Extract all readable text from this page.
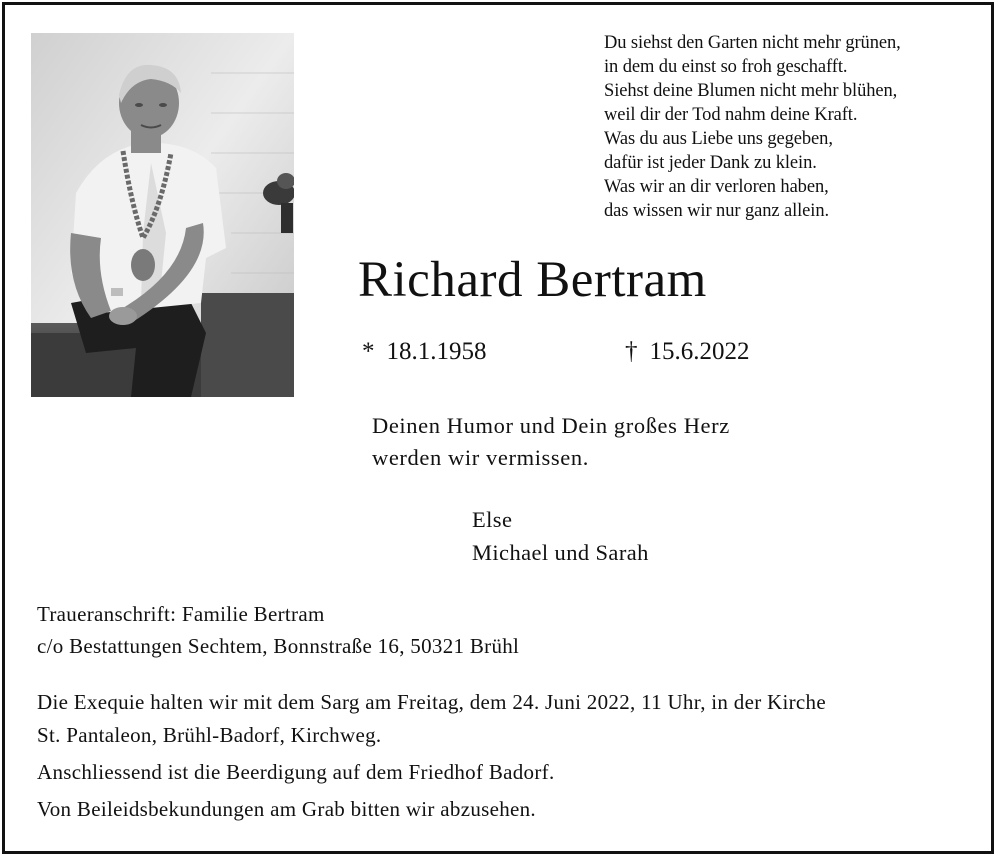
Du siehst den Garten nicht mehr grünen,
in dem du einst so froh geschafft.
Siehst deine Blumen nicht mehr blühen,
weil dir der Tod nahm deine Kraft.
Was du aus Liebe uns gegeben,
dafür ist jeder Dank zu klein.
Was wir an dir verloren haben,
das wissen wir nur ganz allein.
Richard Bertram
* 18.1.1958	† 15.6.2022
Deinen Humor und Dein großes Herz
werden wir vermissen.
Else
Michael und Sarah
Traueranschrift: Familie Bertram
c/o Bestattungen Sechtem, Bonnstraße 16, 50321 Brühl
Die Exequie halten wir mit dem Sarg am Freitag, dem 24. Juni 2022, 11 Uhr, in der Kirche
St. Pantaleon, Brühl-Badorf, Kirchweg.
Anschliessend ist die Beerdigung auf dem Friedhof Badorf.
Von Beileidsbekundungen am Grab bitten wir abzusehen.
